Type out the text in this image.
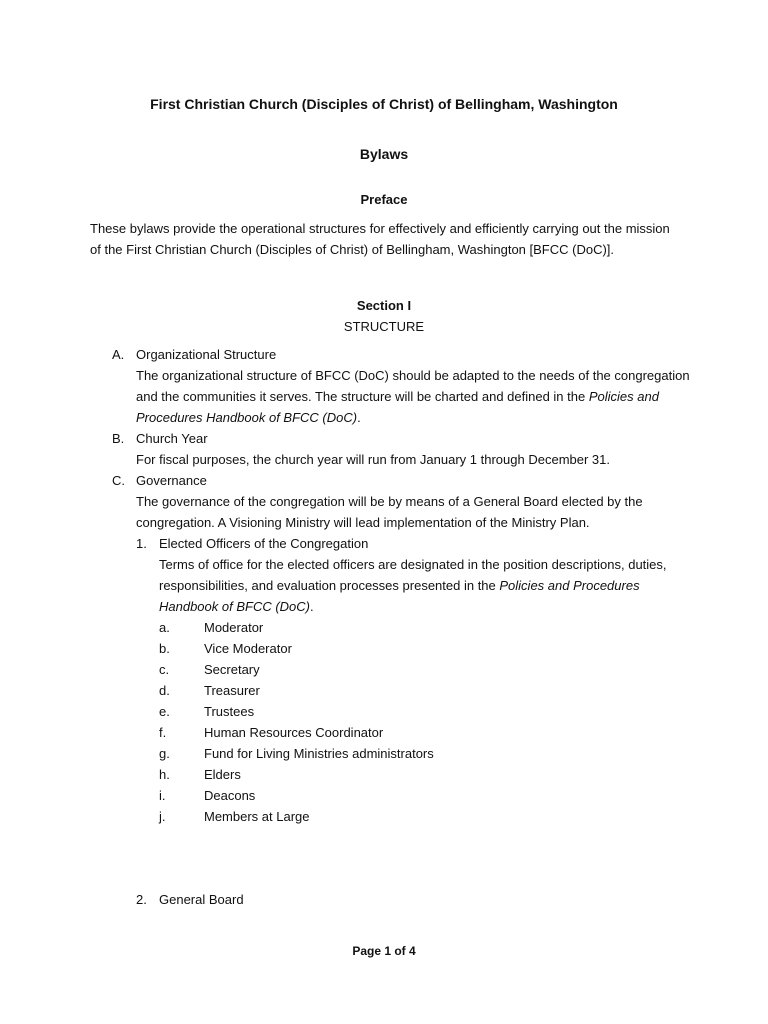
First Christian Church (Disciples of Christ) of Bellingham, Washington
Bylaws
Preface
These bylaws provide the operational structures for effectively and efficiently carrying out the mission of the First Christian Church (Disciples of Christ) of Bellingham, Washington [BFCC (DoC)].
Section I
STRUCTURE
A. Organizational Structure
The organizational structure of BFCC (DoC) should be adapted to the needs of the congregation and the communities it serves. The structure will be charted and defined in the Policies and Procedures Handbook of BFCC (DoC).
B. Church Year
For fiscal purposes, the church year will run from January 1 through December 31.
C. Governance
The governance of the congregation will be by means of a General Board elected by the congregation. A Visioning Ministry will lead implementation of the Ministry Plan.
1. Elected Officers of the Congregation
Terms of office for the elected officers are designated in the position descriptions, duties, responsibilities, and evaluation processes presented in the Policies and Procedures Handbook of BFCC (DoC).
a.	Moderator
b.	Vice Moderator
c.	Secretary
d.	Treasurer
e.	Trustees
f.	Human Resources Coordinator
g.	Fund for Living Ministries administrators
h.	Elders
i.	Deacons
j.	Members at Large
2. General Board
Page 1 of 4
